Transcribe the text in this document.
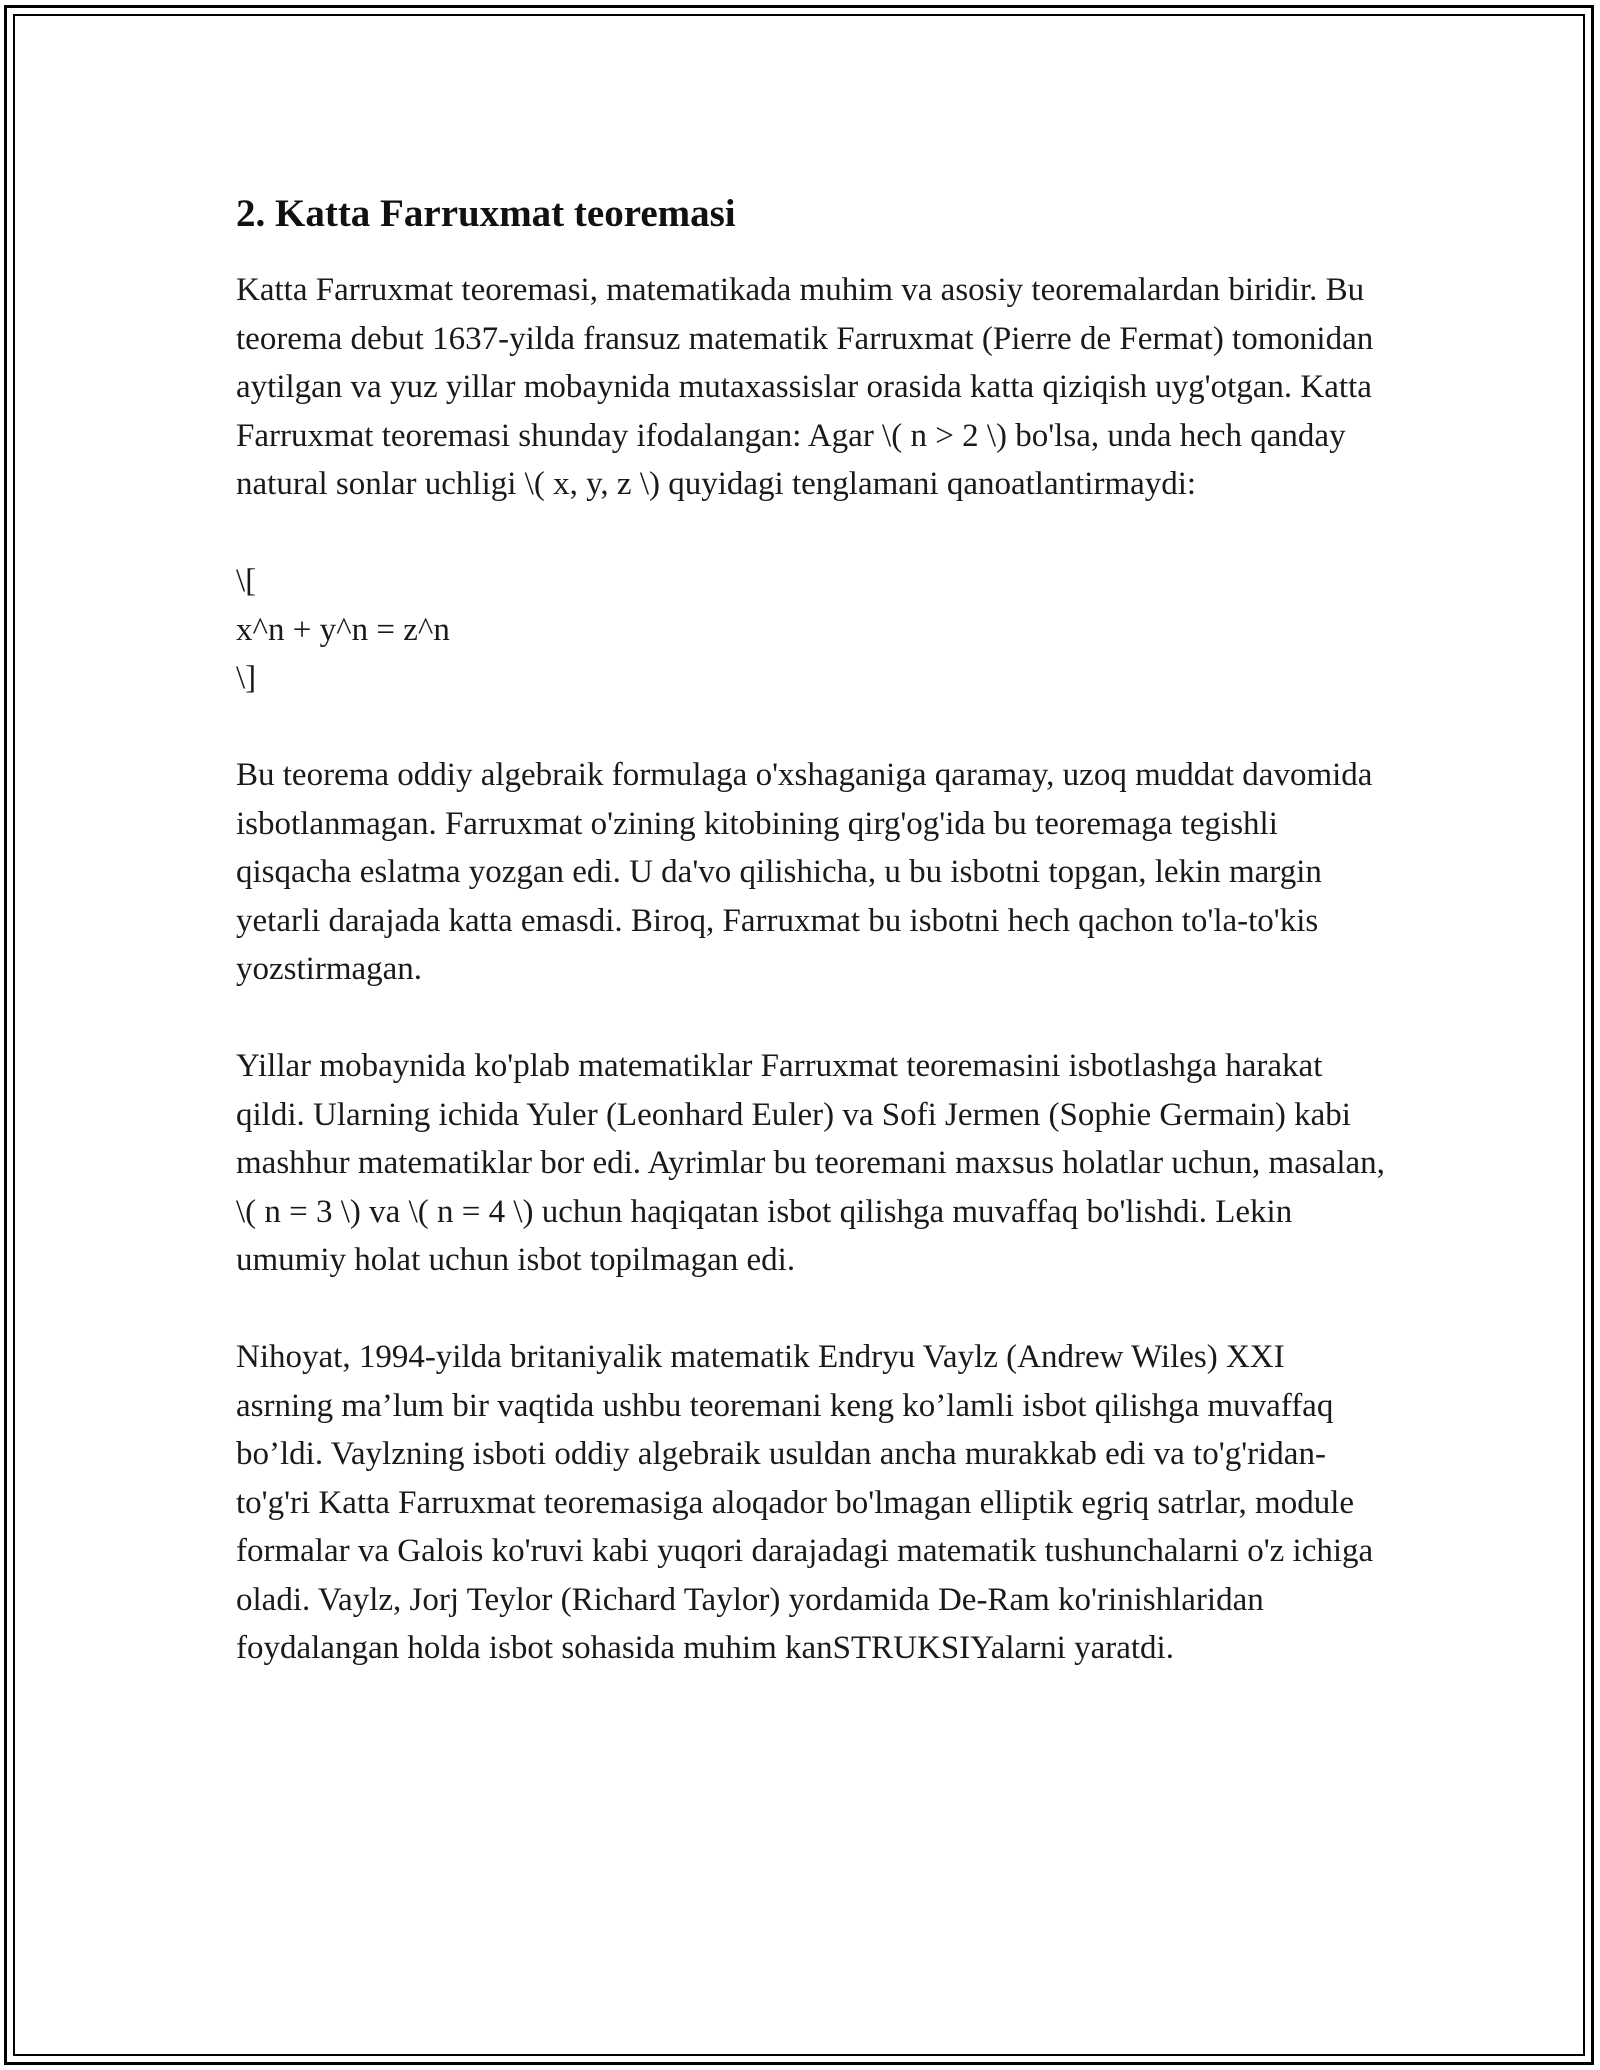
2. Katta Farruxmat teoremasi

Katta Farruxmat teoremasi, matematikada muhim va asosiy teoremalardan biridir. Bu teorema debut 1637-yilda fransuz matematik Farruxmat (Pierre de Fermat) tomonidan aytilgan va yuz yillar mobaynida mutaxassislar orasida katta qiziqish uyg'otgan. Katta Farruxmat teoremasi shunday ifodalangan: Agar \( n > 2 \) bo'lsa, unda hech qanday natural sonlar uchligi \( x, y, z \) quyidagi tenglamani qanoatlantirmaydi:

\[

x^n + y^n = z^n

\]

Bu teorema oddiy algebraik formulaga o'xshaganiga qaramay, uzoq muddat davomida isbotlanmagan. Farruxmat o'zining kitobining qirg'og'ida bu teoremaga tegishli qisqacha eslatma yozgan edi. U da'vo qilishicha, u bu isbotni topgan, lekin margin yetarli darajada katta emasdi. Biroq, Farruxmat bu isbotni hech qachon to'la-to'kis yozstirmagan.

Yillar mobaynida ko'plab matematiklar Farruxmat teoremasini isbotlashga harakat qildi. Ularning ichida Yuler (Leonhard Euler) va Sofi Jermen (Sophie Germain) kabi mashhur matematiklar bor edi. Ayrimlar bu teoremani maxsus holatlar uchun, masalan, \( n = 3 \) va \( n = 4 \) uchun haqiqatan isbot qilishga muvaffaq bo'lishdi. Lekin umumiy holat uchun isbot topilmagan edi.

Nihoyat, 1994-yilda britaniyalik matematik Endryu Vaylz (Andrew Wiles) XXI asrning ma’lum bir vaqtida ushbu teoremani keng ko’lamli isbot qilishga muvaffaq bo’ldi. Vaylzning isboti oddiy algebraik usuldan ancha murakkab edi va to'g'ridan-to'g'ri Katta Farruxmat teoremasiga aloqador bo'lmagan elliptik egriq satrlar, module formalar va Galois ko'ruvi kabi yuqori darajadagi matematik tushunchalarni o'z ichiga oladi. Vaylz, Jorj Teylor (Richard Taylor) yordamida De-Ram ko'rinishlaridan foydalangan holda isbot sohasida muhim kanSTRUKSIYalarni yaratdi.
